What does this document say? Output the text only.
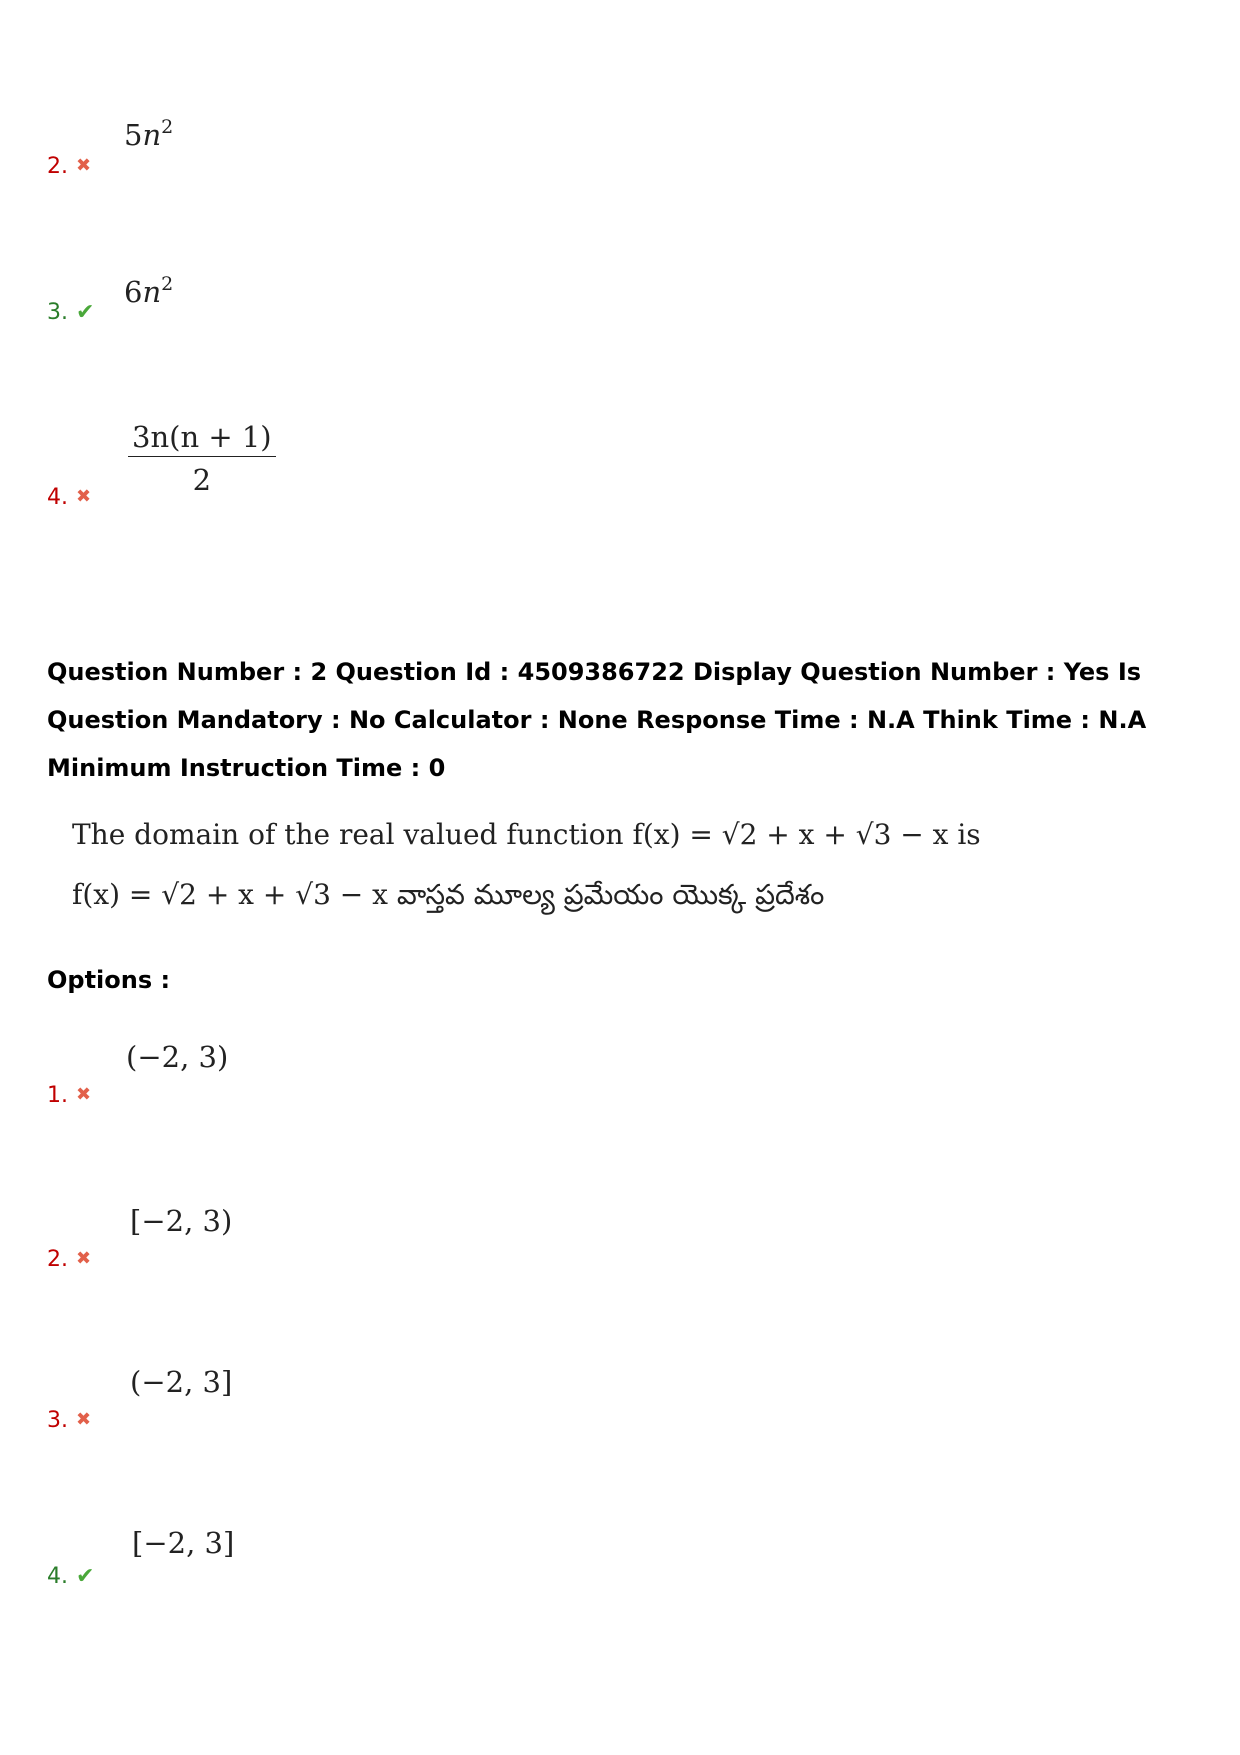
$5n^2$
2. ✖
$6n^2$
3. ✔
$\frac{3n(n + 1)}{2}$
4. ✖
Question Number : 2 Question Id : 4509386722 Display Question Number : Yes Is Question Mandatory : No Calculator : None Response Time : N.A Think Time : N.A Minimum Instruction Time : 0
The domain of the real valued function f(x) = √2 + x + √3 − x is
f(x) = √2 + x + √3 − x వాస్తవ మూల్య ప్రమేయం యొక్క ప్రదేశం
Options :
(−2, 3)
1. ✖
[−2, 3)
2. ✖
(−2, 3]
3. ✖
[−2, 3]
4. ✔
